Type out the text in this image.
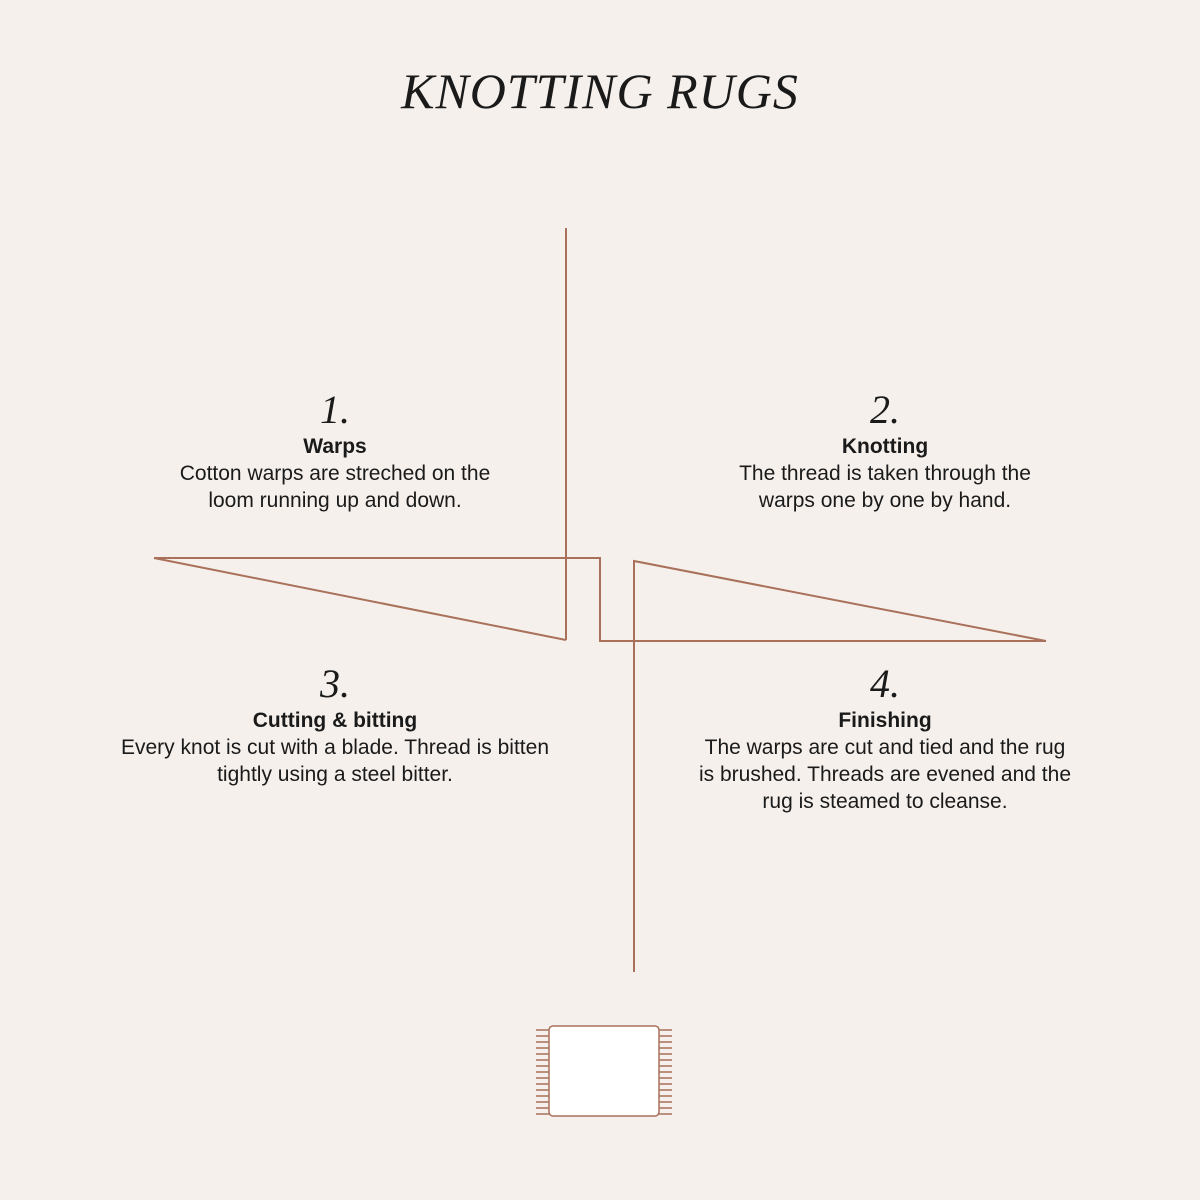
KNOTTING RUGS
1.
Warps
Cotton warps are streched on the loom running up and down.
2.
Knotting
The thread is taken through the warps one by one by hand.
3.
Cutting & bitting
Every knot is cut with a blade. Thread is bitten tightly using a steel bitter.
4.
Finishing
The warps are cut and tied and the rug is brushed. Threads are evened and the rug is steamed to cleanse.
